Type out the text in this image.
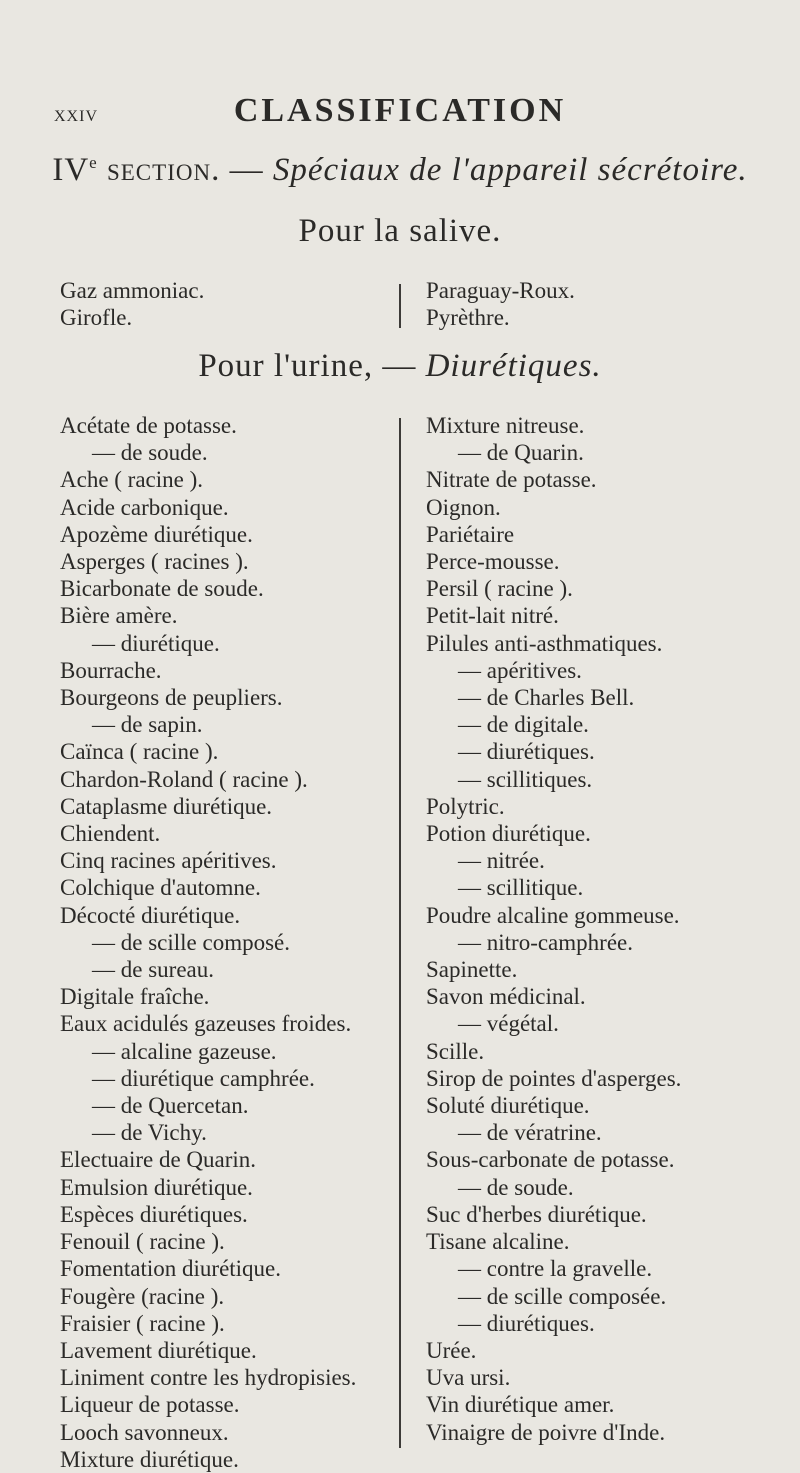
XXIV	CLASSIFICATION
IVe section. — Spéciaux de l'appareil sécrétoire.
Pour la salive.
Gaz ammoniac.
Girofle.
Paraguay-Roux.
Pyrèthre.
Pour l'urine, — Diurétiques.
Acétate de potasse.
— de soude.
Ache ( racine ).
Acide carbonique.
Apozème diurétique.
Asperges ( racines ).
Bicarbonate de soude.
Bière amère.
— diurétique.
Bourrache.
Bourgeons de peupliers.
— de sapin.
Caïnca ( racine ).
Chardon-Roland ( racine ).
Cataplasme diurétique.
Chiendent.
Cinq racines apéritives.
Colchique d'automne.
Décocté diurétique.
— de scille composé.
— de sureau.
Digitale fraîche.
Eaux acidulés gazeuses froides.
— alcaline gazeuse.
— diurétique camphrée.
— de Quercetan.
— de Vichy.
Electuaire de Quarin.
Emulsion diurétique.
Espèces diurétiques.
Fenouil ( racine ).
Fomentation diurétique.
Fougère (racine ).
Fraisier ( racine ).
Lavement diurétique.
Liniment contre les hydropisies.
Liqueur de potasse.
Looch savonneux.
Mixture diurétique.
Mixture nitreuse.
— de Quarin.
Nitrate de potasse.
Oignon.
Pariétaire
Perce-mousse.
Persil ( racine ).
Petit-lait nitré.
Pilules anti-asthmatiques.
— apéritives.
— de Charles Bell.
— de digitale.
— diurétiques.
— scillitiques.
Polytric.
Potion diurétique.
— nitrée.
— scillitique.
Poudre alcaline gommeuse.
— nitro-camphrée.
Sapinette.
Savon médicinal.
— végétal.
Scille.
Sirop de pointes d'asperges.
Soluté diurétique.
— de vératrine.
Sous-carbonate de potasse.
— de soude.
Suc d'herbes diurétique.
Tisane alcaline.
— contre la gravelle.
— de scille composée.
— diurétiques.
Urée.
Uva ursi.
Vin diurétique amer.
Vinaigre de poivre d'Inde.
